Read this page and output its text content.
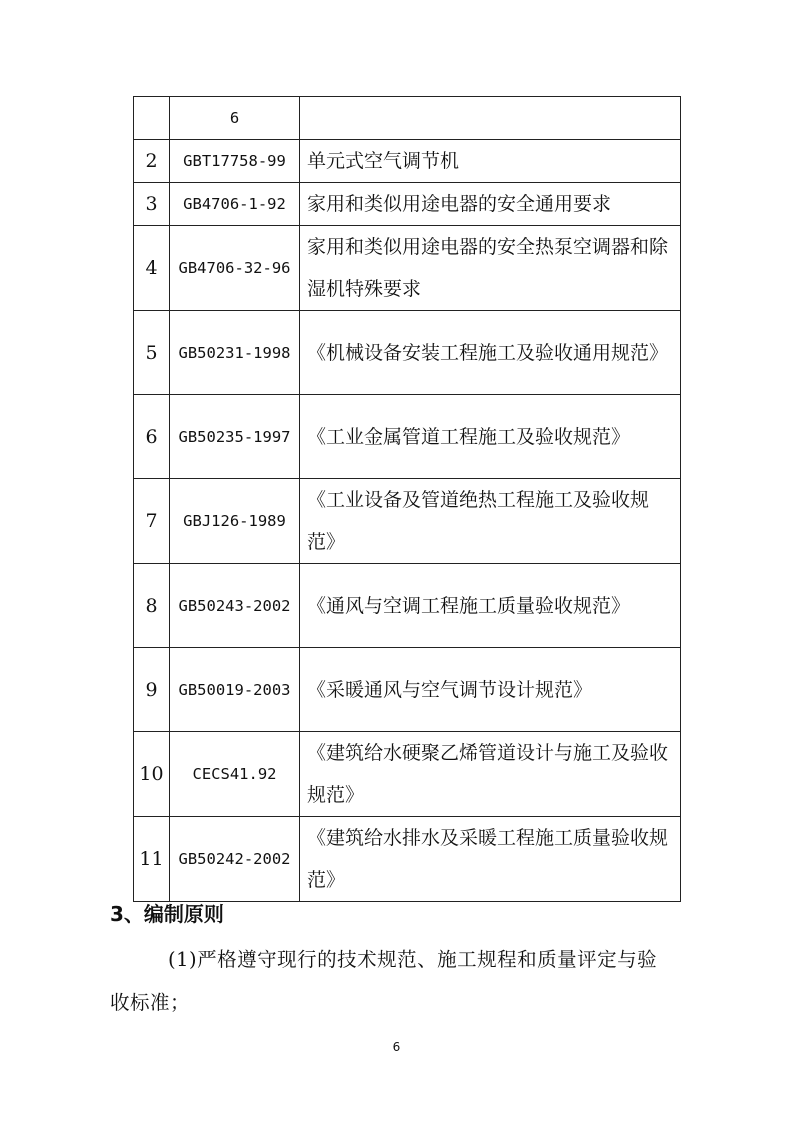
	6	
2	GBT17758-99	单元式空气调节机
3	GB4706-1-92	家用和类似用途电器的安全通用要求
4	GB4706-32-96	家用和类似用途电器的安全热泵空调器和除湿机特殊要求
5	GB50231-1998	《机械设备安装工程施工及验收通用规范》
6	GB50235-1997	《工业金属管道工程施工及验收规范》
7	GBJ126-1989	《工业设备及管道绝热工程施工及验收规范》
8	GB50243-2002	《通风与空调工程施工质量验收规范》
9	GB50019-2003	《采暖通风与空气调节设计规范》
10	CECS41.92	《建筑给水硬聚乙烯管道设计与施工及验收规范》
11	GB50242-2002	《建筑给水排水及采暖工程施工质量验收规范》
3、编制原则
(1)严格遵守现行的技术规范、施工规程和质量评定与验收标准；
6
